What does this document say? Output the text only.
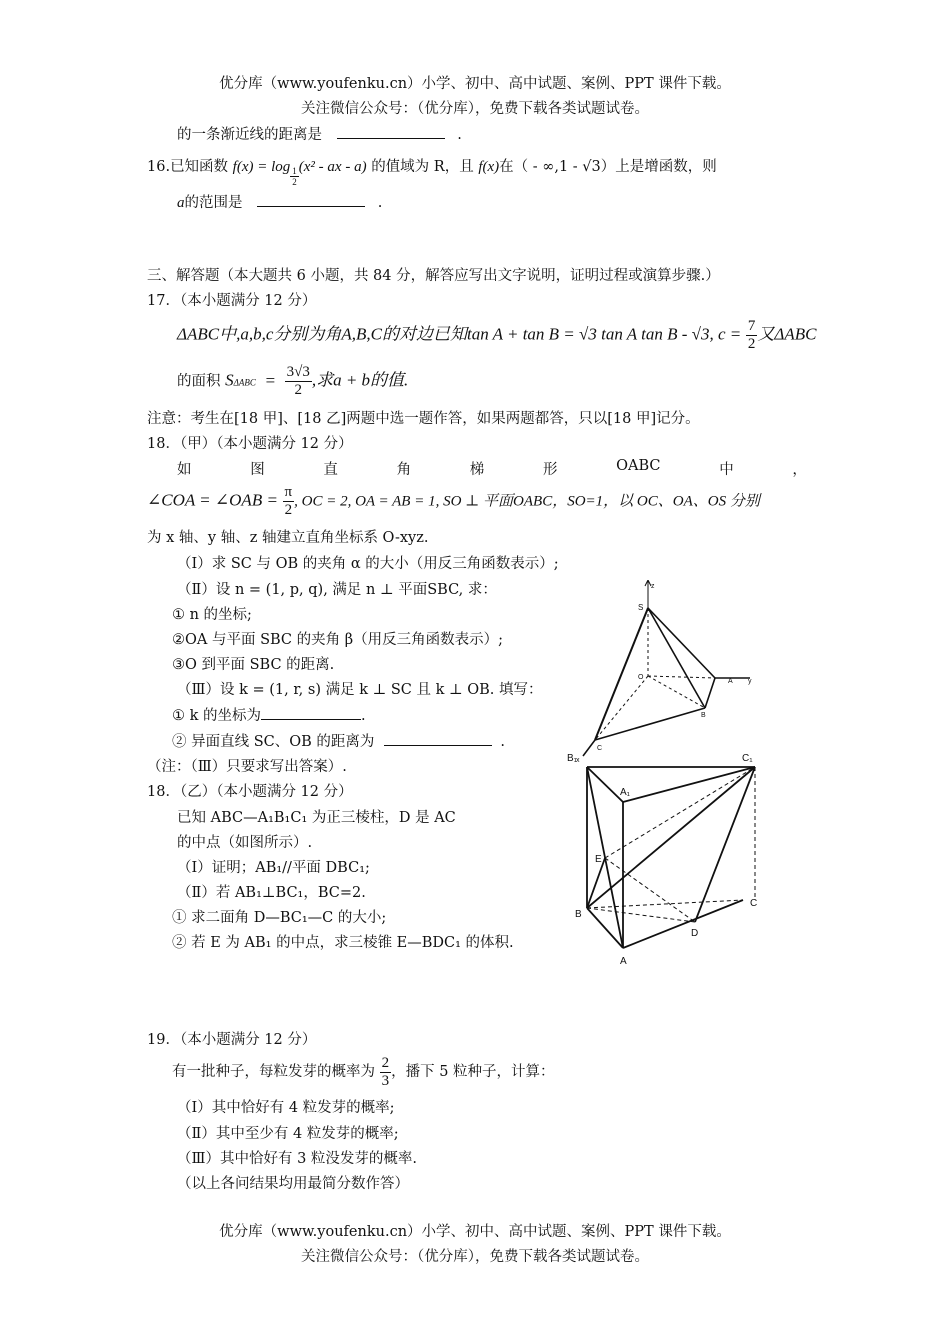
优分库（www.youfenku.cn）小学、初中、高中试题、案例、PPT 课件下载。
关注微信公众号：（优分库），免费下载各类试题试卷。
的一条渐近线的距离是	.
16.已知函数 $f(x) = \log \frac{1}{2} (x^2$ - ax - a) 的值域为 R，且 f(x)在（ - ∞,1 - √3）上是增函数，则
a的范围是	.
三、解答题（本大题共 6 小题，共 84 分，解答应写出文字说明，证明过程或演算步骤.）
17．（本小题满分 12 分）
ΔABC中,a,b,c分别为角A,B,C的对边已知tan A + tan B = √3 tan A tan B - √3, $c = \frac{7}{2}$ 又ΔABC
的面积 $S\Delta ABC = \frac{3√3}{2}$ ,求a + b的值.
注意：考生在[18 甲]、[18 乙]两题中选一题作答，如果两题都答，只以[18 甲]记分。
18．（甲）（本小题满分 12 分）
如	图	直	角	梯	形	OABC	中	，
∠COA = ∠OAB = $\frac{\pi}{2}$ , OC = 2, OA = AB = 1, SO ⊥ 平面OABC，SO=1，以 OC、OA、OS 分别
为 x 轴、y 轴、z 轴建立直角坐标系 O-xyz.
（Ⅰ）求 SC 与 OB 的夹角 α 的大小（用反三角函数表示）;
（Ⅱ）设 n = (1, p, q), 满足 n ⊥ 平面SBC, 求：
① n 的坐标;
②OA 与平面 SBC 的夹角 β（用反三角函数表示）;
③O 到平面 SBC 的距离.
（Ⅲ）设 k = (1, r, s) 满足 k ⊥ SC 且 k ⊥ OB. 填写：
① k 的坐标为	.
② 异面直线 SC、OB 的距离为	.
（注：（Ⅲ）只要求写出答案）.
18．（乙）（本小题满分 12 分）
已知 ABC—A₁B₁C₁ 为正三棱柱，D 是 AC
的中点（如图所示）.
（Ⅰ）证明；AB₁//平面 DBC₁;
（Ⅱ）若 AB₁⊥BC₁，BC=2.
① 求二面角 D—BC₁—C 的大小;
② 若 E 为 AB₁ 的中点，求三棱锥 E—BDC₁ 的体积.
z
S
O
A y
B
C
x
B₁	C₁
A₁
E
B
C
D
A
19．（本小题满分 12 分）
有一批种子，每粒发芽的概率为 $\frac{2}{3}$ ，播下 5 粒种子，计算：
（Ⅰ）其中恰好有 4 粒发芽的概率;
（Ⅱ）其中至少有 4 粒发芽的概率;
（Ⅲ）其中恰好有 3 粒没发芽的概率.
（以上各问结果均用最简分数作答）
优分库（www.youfenku.cn）小学、初中、高中试题、案例、PPT 课件下载。
关注微信公众号：（优分库），免费下载各类试题试卷。
